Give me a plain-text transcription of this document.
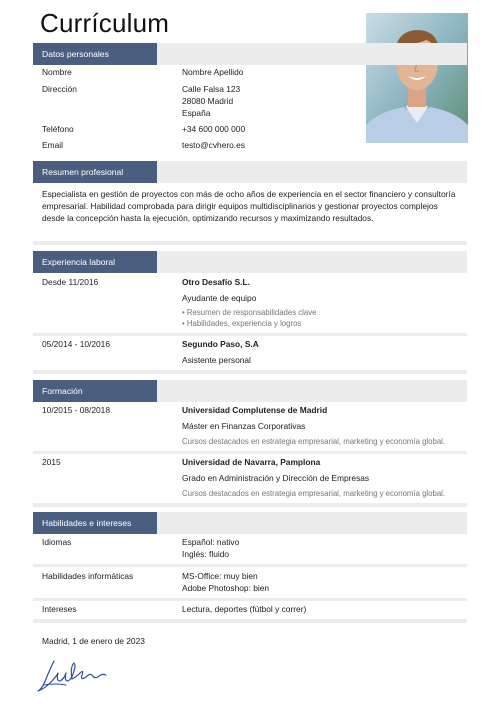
Currículum
Datos personales
Nombre	Nombre Apellido
Dirección	Calle Falsa 123
28080 Madrid
España
Teléfono	+34 600 000 000
Email	testo@cvhero.es
Resumen profesional

Especialista en gestión de proyectos con más de ocho años de experiencia en el sector financiero y consultoría empresarial. Habilidad comprobada para dirigir equipos multidisciplinarios y gestionar proyectos complejos desde la concepción hasta la ejecución, optimizando recursos y maximizando resultados.

Experiencia laboral
Desde 11/2016	Otro Desafío S.L.
Ayudante de equipo
• Resumen de responsabilidades clave
• Habilidades, experiencia y logros
05/2014 - 10/2016	Segundo Paso, S.A
Asistente personal
Formación
10/2015 - 08/2018	Universidad Complutense de Madrid
Máster en Finanzas Corporativas
Cursos destacados en estrategia empresarial, marketing y economía global.
2015	Universidad de Navarra, Pamplona
Grado en Administración y Dirección de Empresas
Cursos destacados en estrategia empresarial, marketing y economía global.
Habilidades e intereses
Idiomas	Español: nativo
Inglés: fluido
Habilidades informáticas	MS-Office: muy bien
Adobe Photoshop: bien
Intereses	Lectura, deportes (fútbol y correr)
Madrid, 1 de enero de 2023
